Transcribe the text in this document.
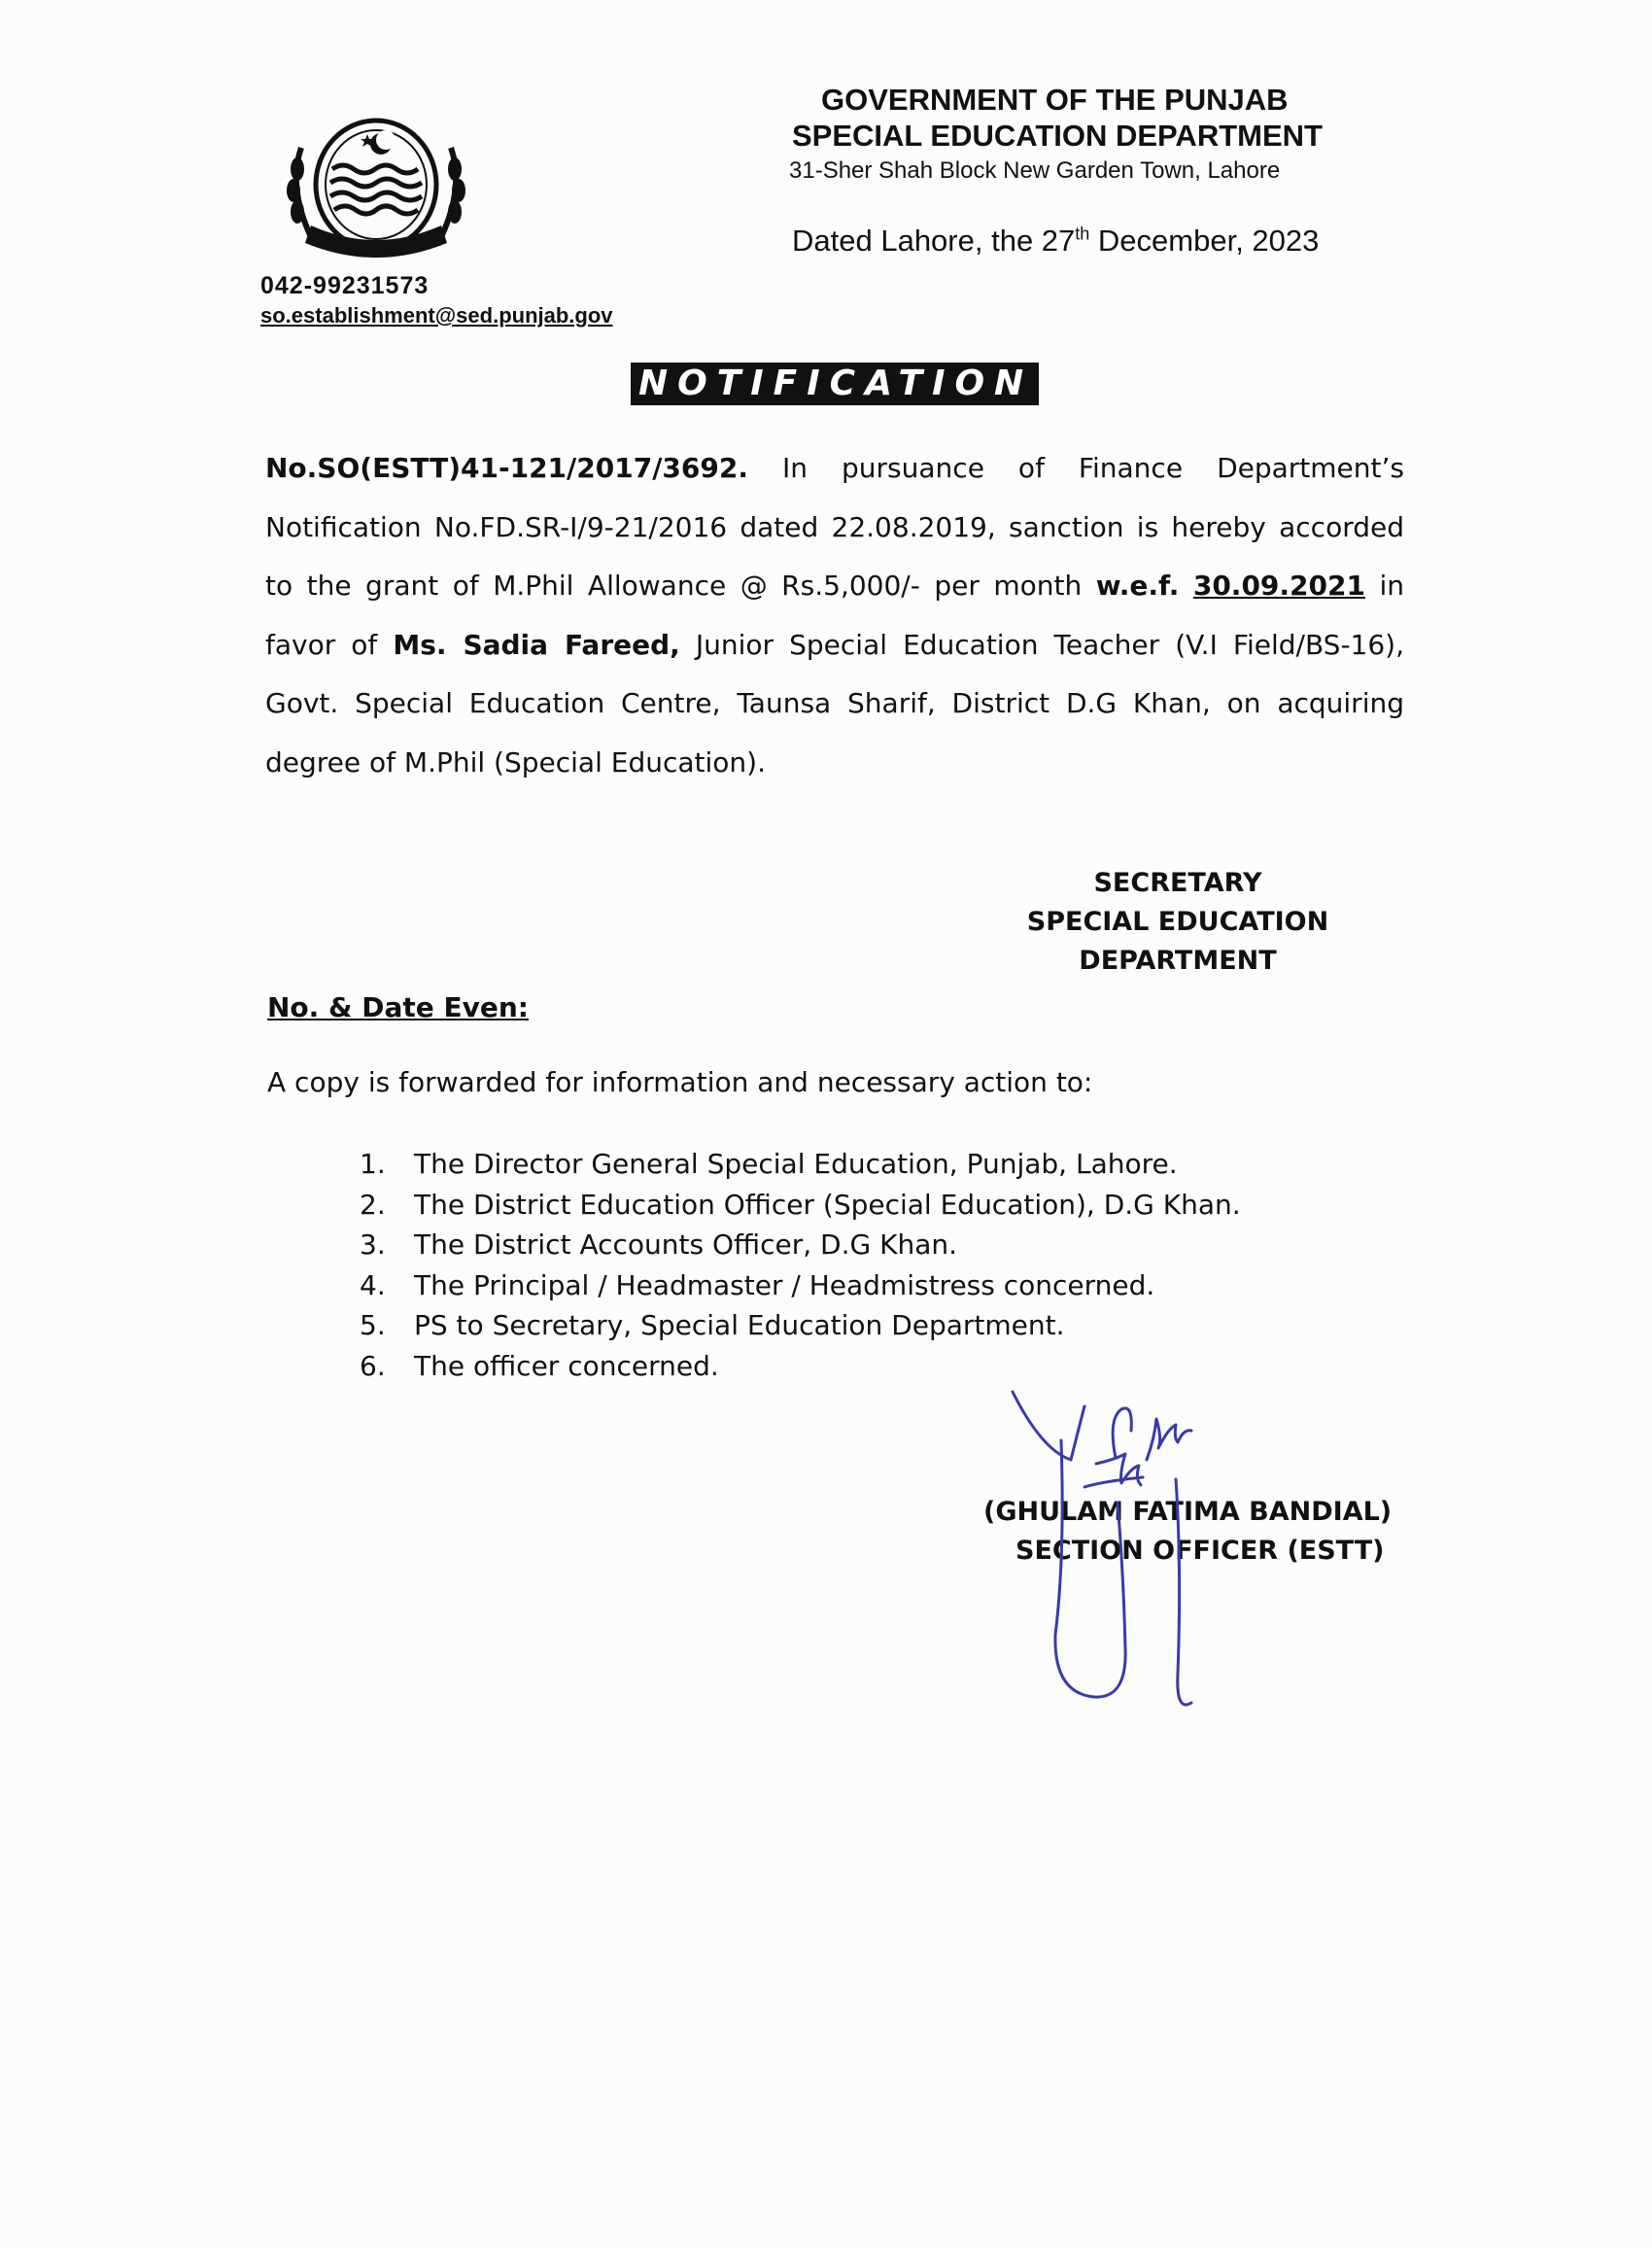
042-99231573
so.establishment@sed.punjab.gov
GOVERNMENT OF THE PUNJAB
SPECIAL EDUCATION DEPARTMENT
31-Sher Shah Block New Garden Town, Lahore
Dated Lahore, the 27th December, 2023
NOTIFICATION
No.SO(ESTT)41-121/2017/3692. In pursuance of Finance Department’s Notification No.FD.SR-I/9-21/2016 dated 22.08.2019, sanction is hereby accorded to the grant of M.Phil Allowance @ Rs.5,000/- per month w.e.f. 30.09.2021 in favor of Ms. Sadia Fareed, Junior Special Education Teacher (V.I Field/BS-16), Govt. Special Education Centre, Taunsa Sharif, District D.G Khan, on acquiring degree of M.Phil (Special Education).
SECRETARY
SPECIAL EDUCATION
DEPARTMENT
No. & Date Even:
A copy is forwarded for information and necessary action to:
1.	The Director General Special Education, Punjab, Lahore.
2.	The District Education Officer (Special Education), D.G Khan.
3.	The District Accounts Officer, D.G Khan.
4.	The Principal / Headmaster / Headmistress concerned.
5.	PS to Secretary, Special Education Department.
6.	The officer concerned.
(GHULAM FATIMA BANDIAL)
SECTION OFFICER (ESTT)
